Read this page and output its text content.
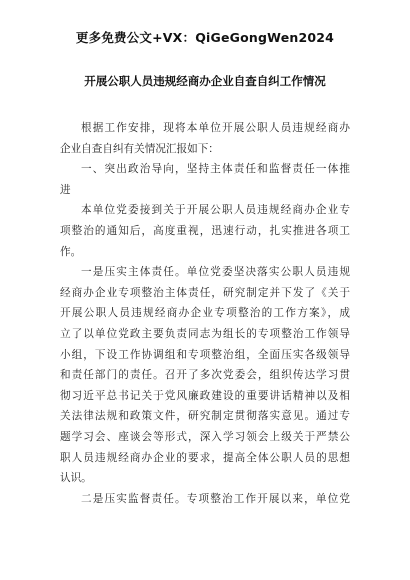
更多免费公文+VX：QiGeGongWen2024
开展公职人员违规经商办企业自查自纠工作情况
根据工作安排，现将本单位开展公职人员违规经商办
企业自查自纠有关情况汇报如下：
一、突出政治导向，坚持主体责任和监督责任一体推
进
本单位党委接到关于开展公职人员违规经商办企业专
项整治的通知后，高度重视，迅速行动，扎实推进各项工
作。
一是压实主体责任。单位党委坚决落实公职人员违规
经商办企业专项整治主体责任，研究制定并下发了《关于
开展公职人员违规经商办企业专项整治的工作方案》，成
立了以单位党政主要负责同志为组长的专项整治工作领导
小组，下设工作协调组和专项整治组，全面压实各级领导
和责任部门的责任。召开了多次党委会，组织传达学习贯
彻习近平总书记关于党风廉政建设的重要讲话精神以及相
关法律法规和政策文件，研究制定贯彻落实意见。通过专
题学习会、座谈会等形式，深入学习领会上级关于严禁公
职人员违规经商办企业的要求，提高全体公职人员的思想
认识。
二是压实监督责任。专项整治工作开展以来，单位党
